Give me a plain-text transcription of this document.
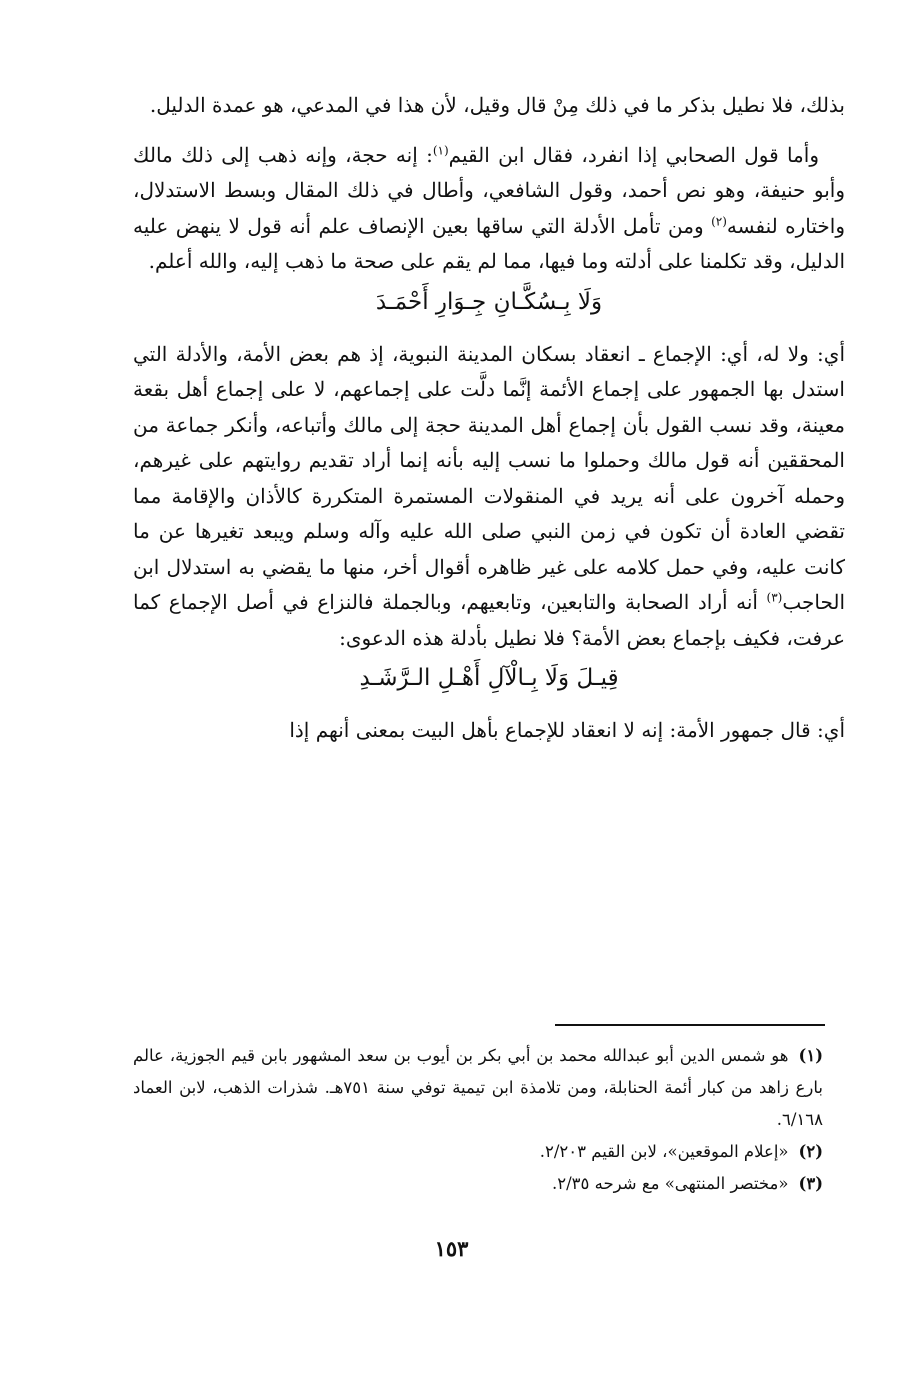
بذلك، فلا نطيل بذكر ما في ذلك مِنْ قال وقيل، لأن هذا في المدعي، هو عمدة الدليل.

وأما قول الصحابي إذا انفرد، فقال ابن القيم$^{(١)}$: إنه حجة، وإنه ذهب إلى ذلك مالك وأبو حنيفة، وهو نص أحمد، وقول الشافعي، وأطال في ذلك المقال وبسط الاستدلال، واختاره لنفسه$^{(٢)}$ ومن تأمل الأدلة التي ساقها بعين الإنصاف علم أنه قول لا ينهض عليه الدليل، وقد تكلمنا على أدلته وما فيها، مما لم يقم على صحة ما ذهب إليه، والله أعلم.

وَلَا بِـسُكَّـانِ جِـوَارِ أَحْمَـدَ

أي: ولا له، أي: الإجماع ـ انعقاد بسكان المدينة النبوية، إذ هم بعض الأمة، والأدلة التي استدل بها الجمهور على إجماع الأئمة إنَّما دلَّت على إجماعهم، لا على إجماع أهل بقعة معينة، وقد نسب القول بأن إجماع أهل المدينة حجة إلى مالك وأتباعه، وأنكر جماعة من المحققين أنه قول مالك وحملوا ما نسب إليه بأنه إنما أراد تقديم روايتهم على غيرهم، وحمله آخرون على أنه يريد في المنقولات المستمرة المتكررة كالأذان والإقامة مما تقضي العادة أن تكون في زمن النبي صلى الله عليه وآله وسلم ويبعد تغيرها عن ما كانت عليه، وفي حمل كلامه على غير ظاهره أقوال أخر، منها ما يقضي به استدلال ابن الحاجب$^{(٣)}$ أنه أراد الصحابة والتابعين، وتابعيهم، وبالجملة فالنزاع في أصل الإجماع كما عرفت، فكيف بإجماع بعض الأمة؟ فلا نطيل بأدلة هذه الدعوى:

قِيـلَ وَلَا بِـالْآلِ أَهْـلِ الـرَّشَـدِ

أي: قال جمهور الأمة: إنه لا انعقاد للإجماع بأهل البيت بمعنى أنهم إذا

(١)هو شمس الدين أبو عبدالله محمد بن أبي بكر بن أيوب بن سعد المشهور بابن قيم الجوزية، عالم بارع زاهد من كبار أئمة الحنابلة، ومن تلامذة ابن تيمية توفي سنة ٧٥١هـ. شذرات الذهب، لابن العماد ٦/١٦٨.

(٢)«إعلام الموقعين»، لابن القيم ٢/٢٠٣.

(٣)«مختصر المنتهى» مع شرحه ٢/٣٥.

١٥٣
